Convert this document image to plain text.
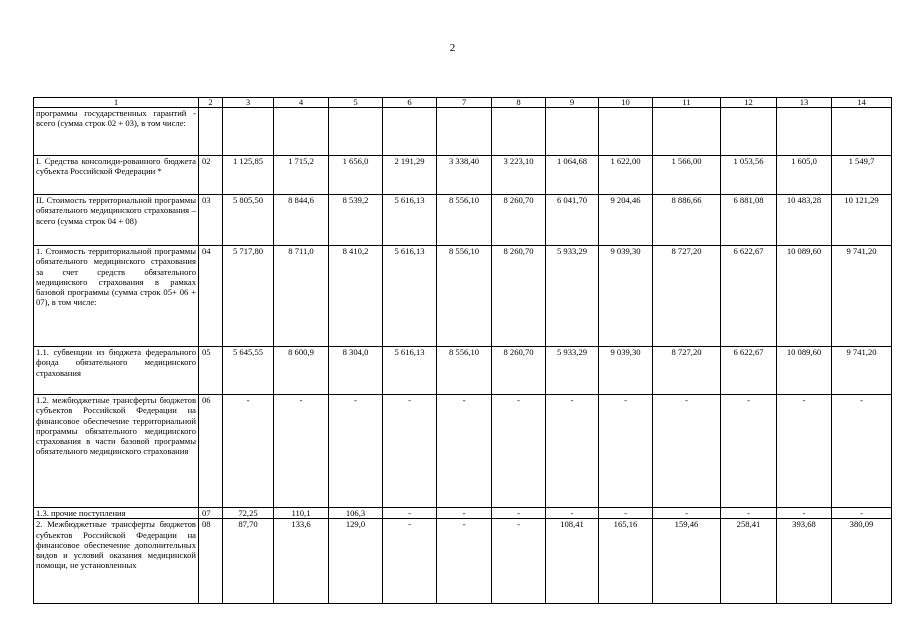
2
1	2	3	4	5	6	7	8	9	10	11	12	13	14
программы государственных гарантий - всего (сумма строк 02 + 03), в том числе:													
I. Средства консолиди-рованного бюджета субъекта Российской Федерации *	02	1 125,85	1 715,2	1 656,0	2 191,29	3 338,40	3 223,10	1 064,68	1 622,00	1 566,00	1 053,56	1 605,0	1 549,7
II. Стоимость территориальной программы обязательного медицинского страхования – всего (сумма строк 04 + 08)	03	5 805,50	8 844,6	8 539,2	5 616,13	8 556,10	8 260,70	6 041,70	9 204,46	8 886,66	6 881,08	10 483,28	10 121,29
1. Стоимость территориальной программы обязательного медицинского страхования за счет средств обязательного медицинского страхования в рамках базовой программы (сумма строк 05+ 06 + 07), в том числе:	04	5 717,80	8 711,0	8 410,2	5 616,13	8 556,10	8 260,70	5 933,29	9 039,30	8 727,20	6 622,67	10 089,60	9 741,20
1.1. субвенции из бюджета федерального фонда обязательного медицинского страхования	05	5 645,55	8 600,9	8 304,0	5 616,13	8 556,10	8 260,70	5 933,29	9 039,30	8 727,20	6 622,67	10 089,60	9 741,20
1.2. межбюджетные трансферты бюджетов субъектов Российской Федерации на финансовое обеспечение территориальной программы обязательного медицинского страхования в части базовой программы обязательного медицинского страхования	06	-	-	-	-	-	-	-	-	-	-	-	-
1.3. прочие поступления	07	72,25	110,1	106,3	-	-	-	-	-	-	-	-	-
2. Межбюджетные трансферты бюджетов субъектов Российской Федерации на финансовое обеспечение дополнительных видов и условий оказания медицинской помощи, не установленных	08	87,70	133,6	129,0	-	-	-	108,41	165,16	159,46	258,41	393,68	380,09
